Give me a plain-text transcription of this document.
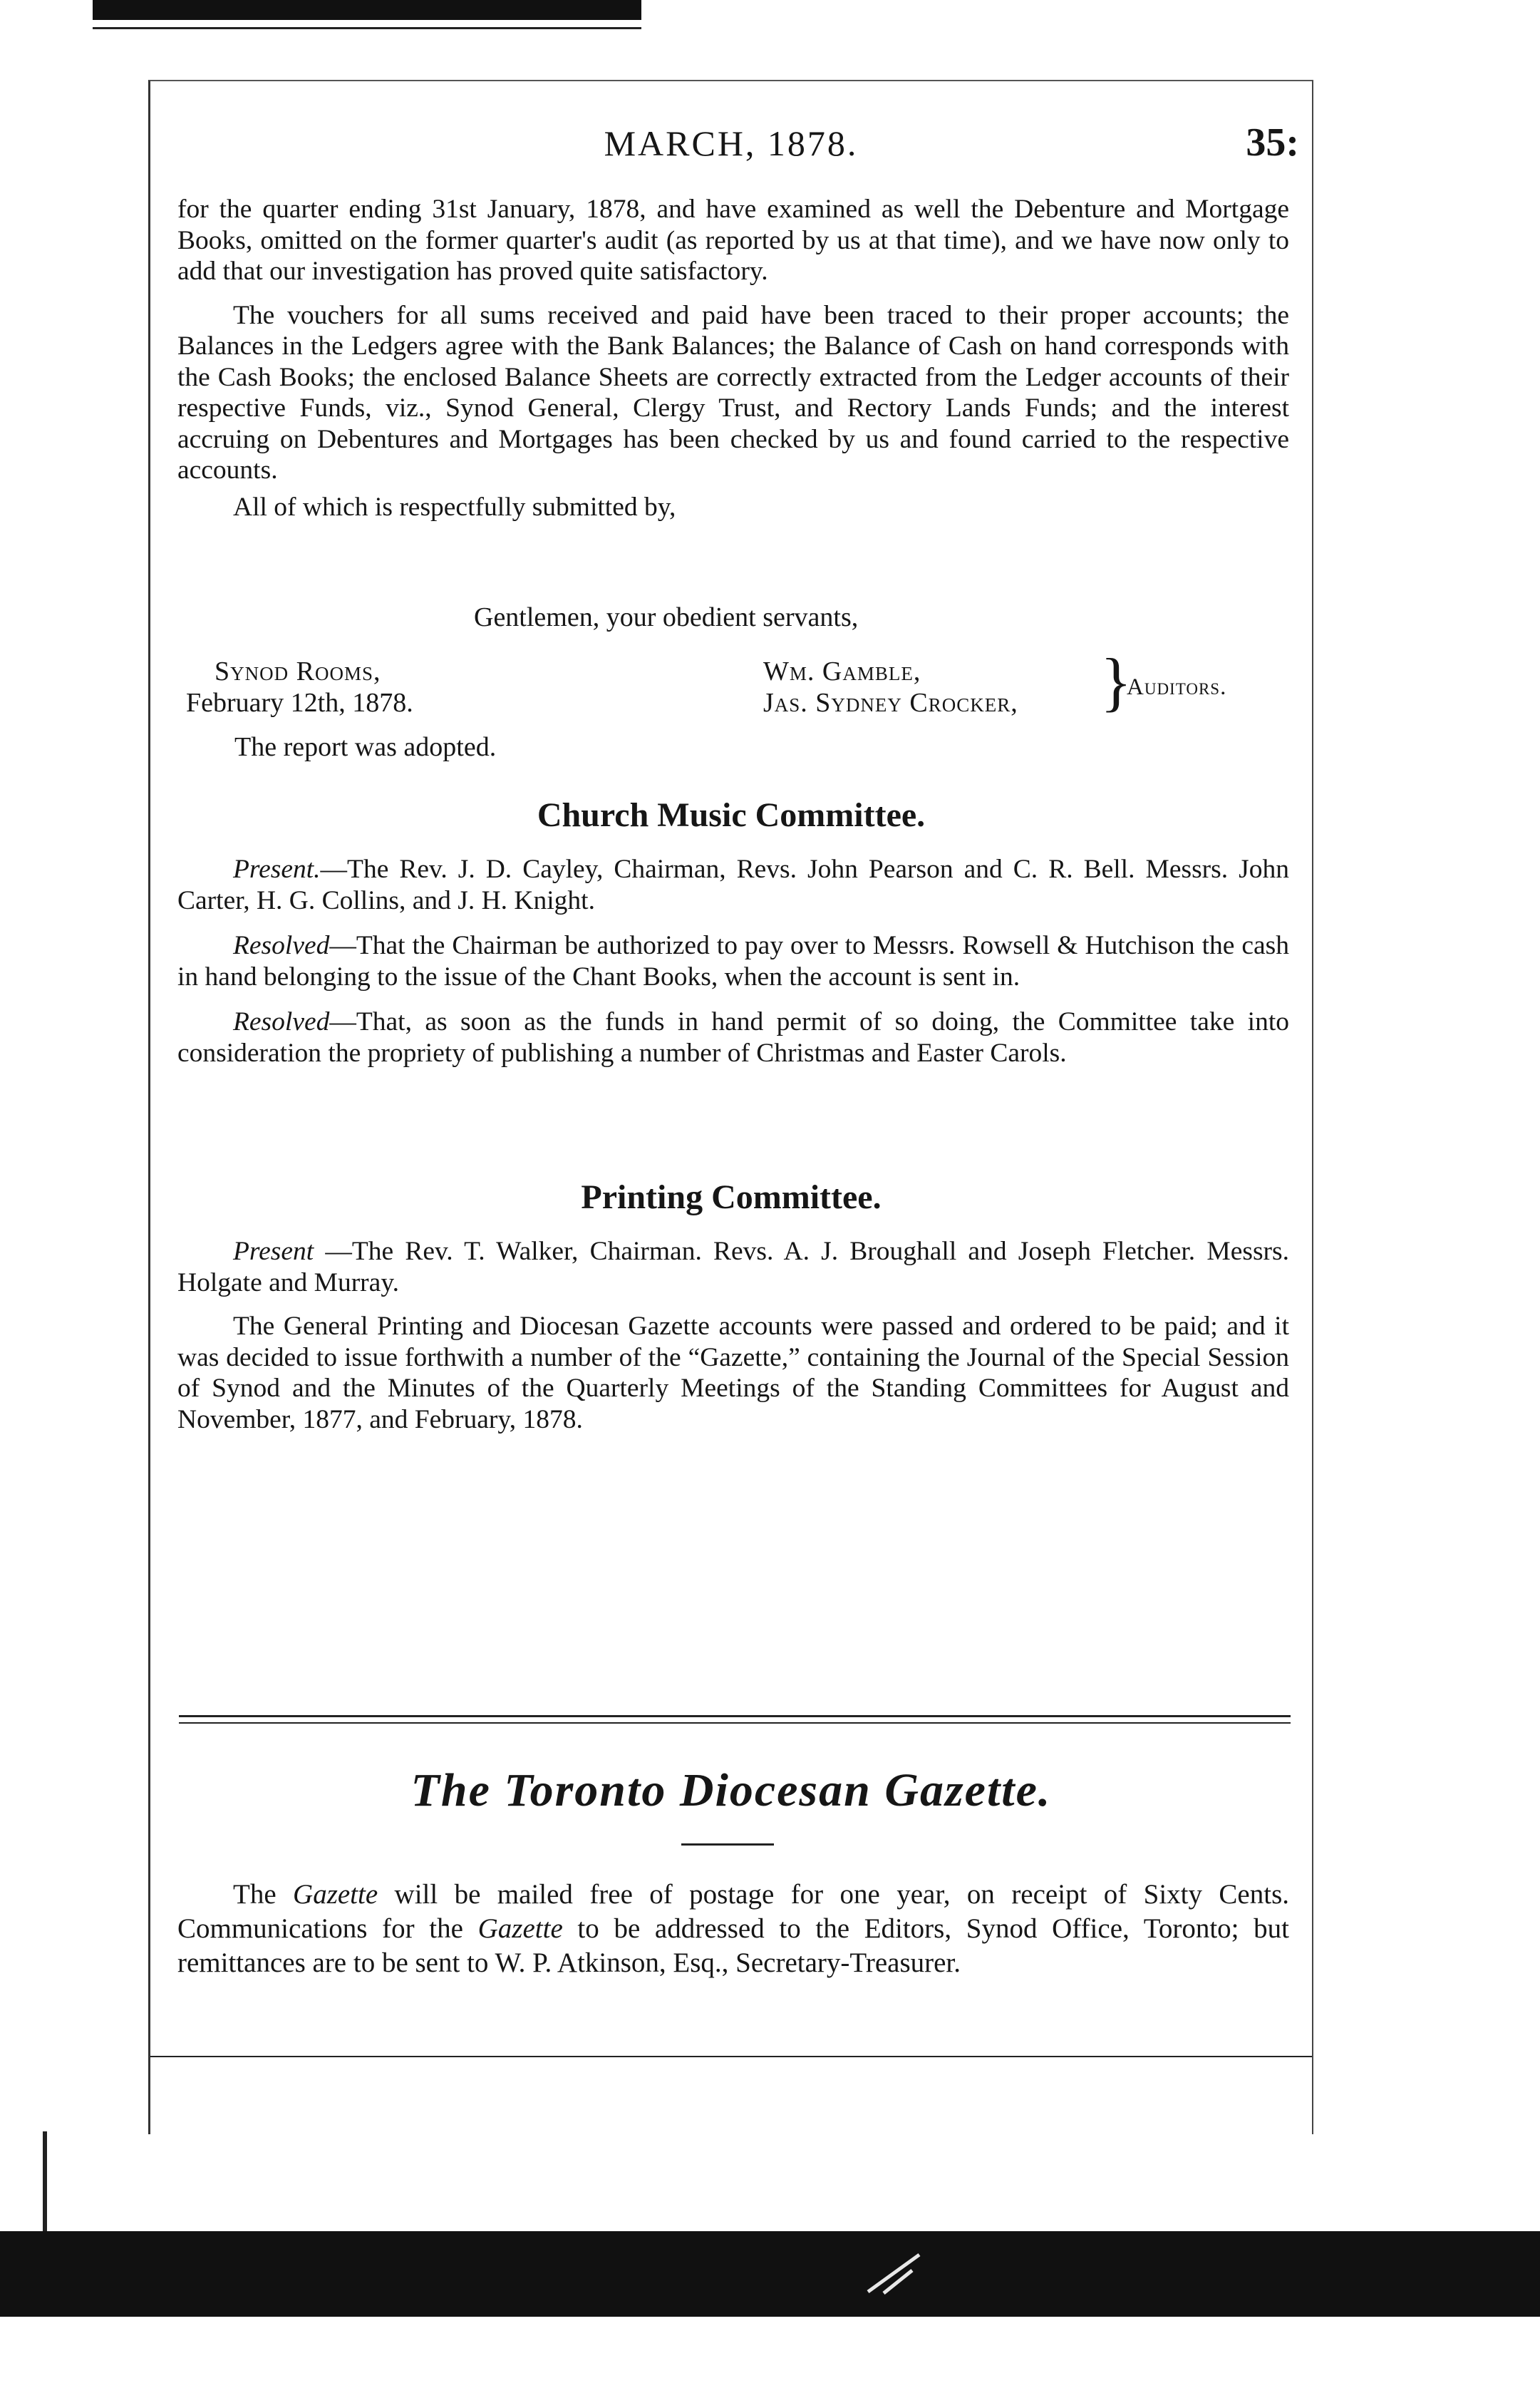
MARCH, 1878.	35:

for the quarter ending 31st January, 1878, and have examined as well the Debenture and Mortgage Books, omitted on the former quarter's audit (as reported by us at that time), and we have now only to add that our investigation has proved quite satisfactory.

The vouchers for all sums received and paid have been traced to their proper accounts; the Balances in the Ledgers agree with the Bank Balances; the Balance of Cash on hand corresponds with the Cash Books; the enclosed Balance Sheets are correctly extracted from the Ledger accounts of their respective Funds, viz., Synod General, Clergy Trust, and Rectory Lands Funds; and the interest accruing on Debentures and Mortgages has been checked by us and found carried to the respective accounts.

All of which is respectfully submitted by,

Gentlemen, your obedient servants,
Synod Rooms,
February 12th, 1878.
Wm. Gamble,
Jas. Sydney Crocker, }
Auditors.
The report was adopted.
Church Music Committee.

Present.—The Rev. J. D. Cayley, Chairman, Revs. John Pearson and C. R. Bell. Messrs. John Carter, H. G. Collins, and J. H. Knight.

Resolved—That the Chairman be authorized to pay over to Messrs. Rowsell & Hutchison the cash in hand belonging to the issue of the Chant Books, when the account is sent in.

Resolved—That, as soon as the funds in hand permit of so doing, the Committee take into consideration the propriety of publishing a number of Christmas and Easter Carols.

Printing Committee.

Present —The Rev. T. Walker, Chairman. Revs. A. J. Broughall and Joseph Fletcher. Messrs. Holgate and Murray.

The General Printing and Diocesan Gazette accounts were passed and ordered to be paid; and it was decided to issue forthwith a number of the “Gazette,” containing the Journal of the Special Session of Synod and the Minutes of the Quarterly Meetings of the Standing Committees for August and November, 1877, and February, 1878.

The Toronto Diocesan Gazette.

The Gazette will be mailed free of postage for one year, on receipt of Sixty Cents. Communications for the Gazette to be addressed to the Editors, Synod Office, Toronto; but remittances are to be sent to W. P. Atkinson, Esq., Secretary-Treasurer.
